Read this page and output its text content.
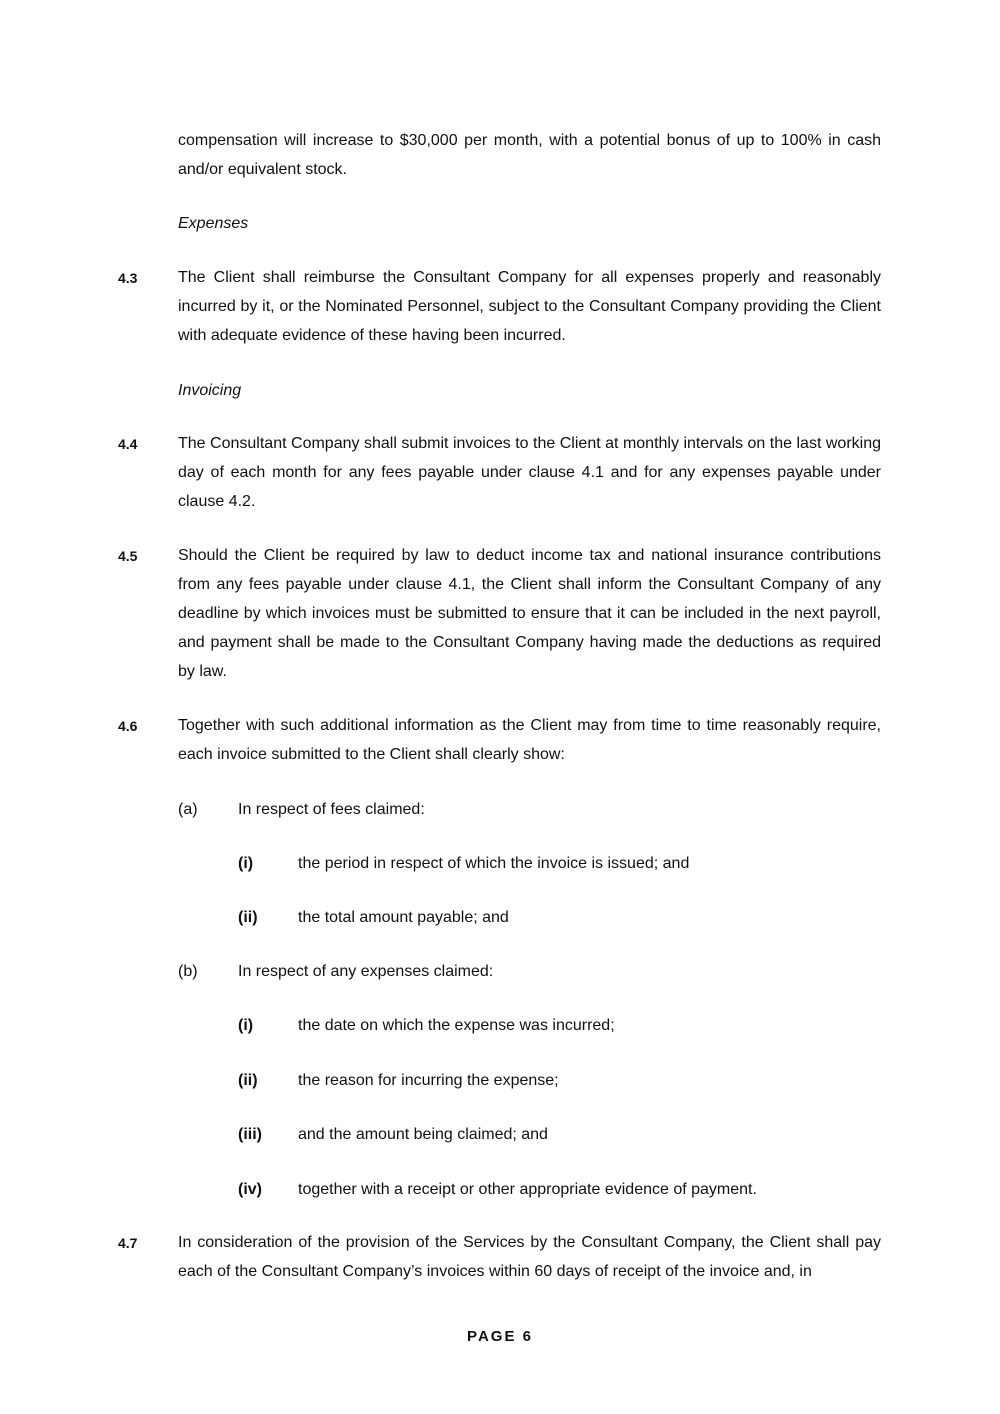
compensation will increase to $30,000 per month, with a potential bonus of up to 100% in cash and/or equivalent stock.
Expenses
4.3	The Client shall reimburse the Consultant Company for all expenses properly and reasonably incurred by it, or the Nominated Personnel, subject to the Consultant Company providing the Client with adequate evidence of these having been incurred.
Invoicing
4.4	The Consultant Company shall submit invoices to the Client at monthly intervals on the last working day of each month for any fees payable under clause 4.1 and for any expenses payable under clause 4.2.
4.5	Should the Client be required by law to deduct income tax and national insurance contributions from any fees payable under clause 4.1, the Client shall inform the Consultant Company of any deadline by which invoices must be submitted to ensure that it can be included in the next payroll, and payment shall be made to the Consultant Company having made the deductions as required by law.
4.6	Together with such additional information as the Client may from time to time reasonably require, each invoice submitted to the Client shall clearly show:
(a)	In respect of fees claimed:
(i)	the period in respect of which the invoice is issued; and
(ii)	the total amount payable; and
(b)	In respect of any expenses claimed:
(i)	the date on which the expense was incurred;
(ii)	the reason for incurring the expense;
(iii) and the amount being claimed; and
(iv) together with a receipt or other appropriate evidence of payment.
4.7	In consideration of the provision of the Services by the Consultant Company, the Client shall pay each of the Consultant Company’s invoices within 60 days of receipt of the invoice and, in
PAGE 6
